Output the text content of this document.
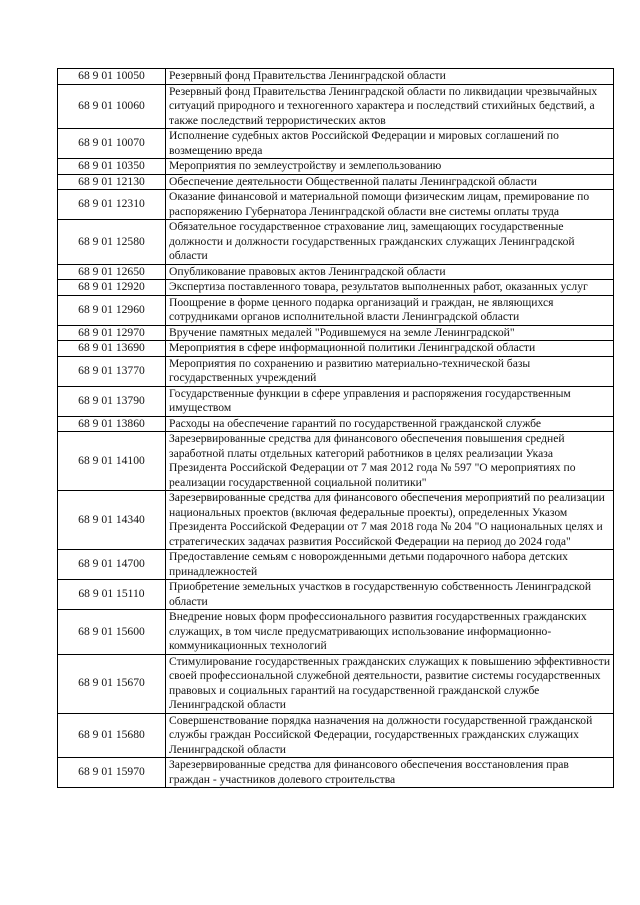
68 9 01 10050	Резервный фонд Правительства Ленинградской области
68 9 01 10060	Резервный фонд Правительства Ленинградской области по ликвидации чрезвычайных ситуаций природного и техногенного характера и последствий стихийных бедствий, а также последствий террористических актов
68 9 01 10070	Исполнение судебных актов Российской Федерации и мировых соглашений по возмещению вреда
68 9 01 10350	Мероприятия по землеустройству и землепользованию
68 9 01 12130	Обеспечение деятельности Общественной палаты Ленинградской области
68 9 01 12310	Оказание финансовой и материальной помощи физическим лицам, премирование по распоряжению Губернатора Ленинградской области вне системы оплаты труда
68 9 01 12580	Обязательное государственное страхование лиц, замещающих государственные должности и должности государственных гражданских служащих Ленинградской области
68 9 01 12650	Опубликование правовых актов Ленинградской области
68 9 01 12920	Экспертиза поставленного товара, результатов выполненных работ, оказанных услуг
68 9 01 12960	Поощрение в форме ценного подарка организаций и граждан, не являющихся сотрудниками органов исполнительной власти Ленинградской области
68 9 01 12970	Вручение памятных медалей "Родившемуся на земле Ленинградской"
68 9 01 13690	Мероприятия в сфере информационной политики Ленинградской области
68 9 01 13770	Мероприятия по сохранению и развитию материально-технической базы государственных учреждений
68 9 01 13790	Государственные функции в сфере управления и распоряжения государственным имуществом
68 9 01 13860	Расходы на обеспечение гарантий по государственной гражданской службе
68 9 01 14100	Зарезервированные средства для финансового обеспечения повышения средней заработной платы отдельных категорий работников в целях реализации Указа Президента Российской Федерации от 7 мая 2012 года № 597 "О мероприятиях по реализации государственной социальной политики"
68 9 01 14340	Зарезервированные средства для финансового обеспечения мероприятий по реализации национальных проектов (включая федеральные проекты), определенных Указом Президента Российской Федерации от 7 мая 2018 года № 204 "О национальных целях и стратегических задачах развития Российской Федерации на период до 2024 года"
68 9 01 14700	Предоставление семьям с новорожденными детьми подарочного набора детских принадлежностей
68 9 01 15110	Приобретение земельных участков в государственную собственность Ленинградской области
68 9 01 15600	Внедрение новых форм профессионального развития государственных гражданских служащих, в том числе предусматривающих использование информационно-коммуникационных технологий
68 9 01 15670	Стимулирование государственных гражданских служащих к повышению эффективности своей профессиональной служебной деятельности, развитие системы государственных правовых и социальных гарантий на государственной гражданской службе Ленинградской области
68 9 01 15680	Совершенствование порядка назначения на должности государственной гражданской службы граждан Российской Федерации, государственных гражданских служащих Ленинградской области
68 9 01 15970	Зарезервированные средства для финансового обеспечения восстановления прав граждан - участников долевого строительства
